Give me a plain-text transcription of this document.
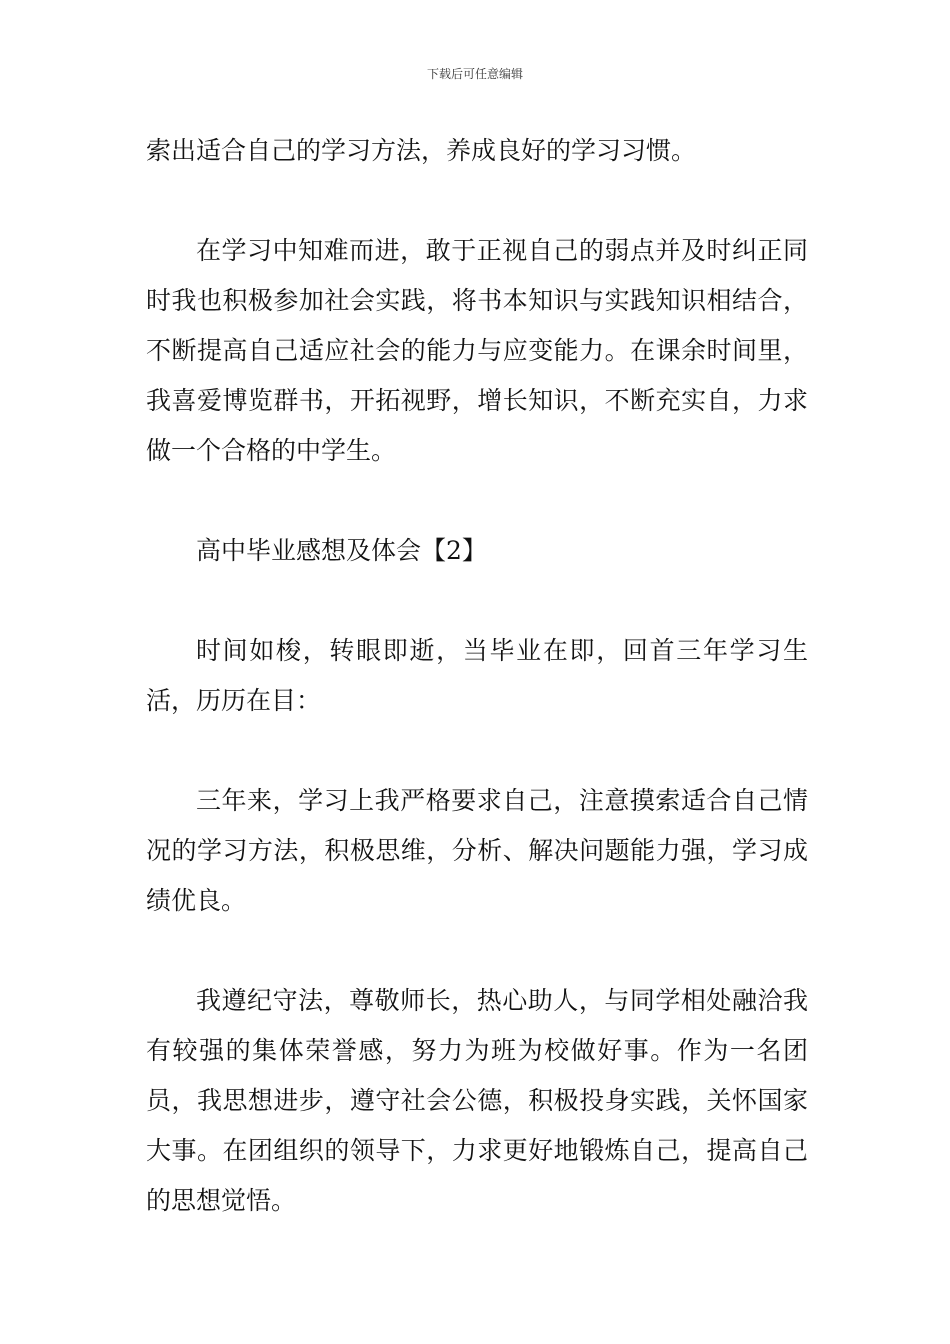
下载后可任意编辑

索出适合自己的学习方法，养成良好的学习习惯。

在学习中知难而进，敢于正视自己的弱点并及时纠正同时我也积极参加社会实践，将书本知识与实践知识相结合，不断提高自己适应社会的能力与应变能力。在课余时间里，我喜爱博览群书，开拓视野，增长知识，不断充实自，力求做一个合格的中学生。

高中毕业感想及体会【2】

时间如梭，转眼即逝，当毕业在即，回首三年学习生活，历历在目：

三年来，学习上我严格要求自己，注意摸索适合自己情况的学习方法，积极思维，分析、解决问题能力强，学习成绩优良。

我遵纪守法，尊敬师长，热心助人，与同学相处融洽我有较强的集体荣誉感，努力为班为校做好事。作为一名团员，我思想进步，遵守社会公德，积极投身实践，关怀国家大事。在团组织的领导下，力求更好地锻炼自己，提高自己的思想觉悟。
